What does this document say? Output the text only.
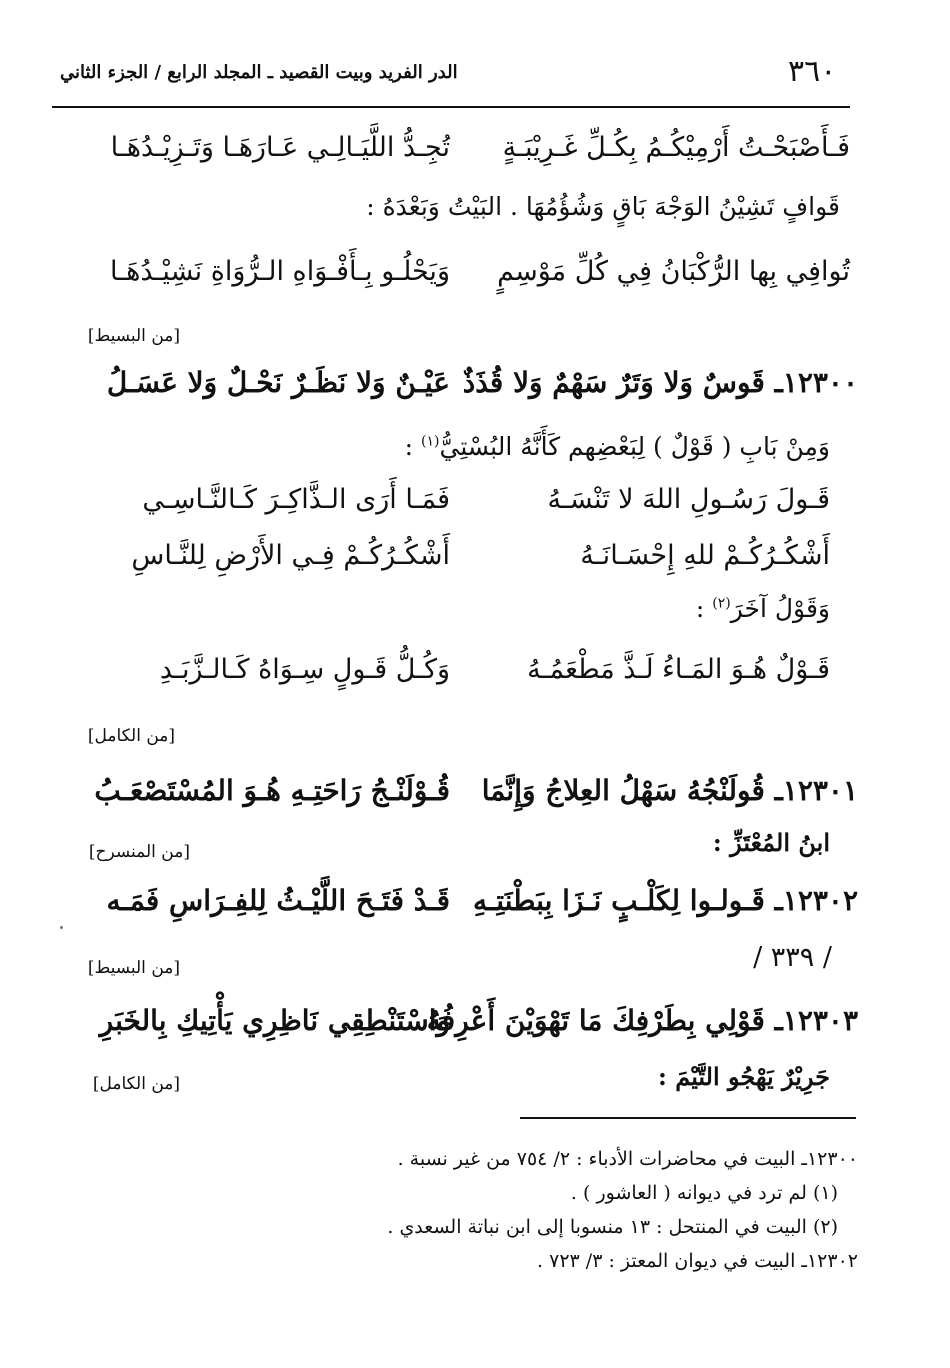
٣٦٠
الدر الفريد وبيت القصيد ـ المجلد الرابع / الجزء الثاني
فَـأَصْبَحْـتُ أَرْمِيْكُـمُ بِكُـلِّ غَـرِيْبَـةٍ
تُجِـدُّ اللَّيَـالِـي عَـارَهَـا وَتَـزِيْـدُهَـا
قَوافٍ تَشِيْنُ الوَجْهَ بَاقٍ وَشُؤُمُهَا . البَيْتُ وَبَعْدَهُ :
تُوافِي بِها الرُّكْبَانُ فِي كُلِّ مَوْسِمٍ
وَيَحْلُـو بِـأَفْـوَاهِ الـرُّوَاةِ نَشِيْـدُهَـا
[من البسيط]
١٢٣٠٠ـ قَوسٌ وَلا وَتَرٌ سَهْمٌ وَلا قُذَذٌ
عَيْـنٌ وَلا نَظَـرٌ نَحْـلٌ وَلا عَسَـلُ
وَمِنْ بَابِ ( قَوْلٌ ) لِبَعْضِهم كَأَنَّهُ البُسْتِيُّ$^{(١)}$ :
قَـولَ رَسُـولِ اللهَ لا تَنْسَـهُ
فَمَـا أَرَى الـذَّاكِـرَ كَـالنَّـاسِـي
أَشْكُـرُكُـمْ للهِ إِحْسَـانَـهُ
أَشْكُـرُكُـمْ فِـي الأَرْضِ لِلنَّـاسِ
وَقَوْلُ آخَرَ$^{(٢)}$ :
قَـوْلٌ هُـوَ المَـاءُ لَـذَّ مَطْعَمُـهُ
وَكُـلُّ قَـولٍ سِـوَاهُ كَـالـزَّبَـدِ
[من الكامل]
١٢٣٠١ـ قُولَنْجُهُ سَهْلُ العِلاجُ وَإِنَّمَا
قُـوْلَنْـجُ رَاحَتِـهِ هُـوَ المُسْتَصْعَـبُ
ابنُ المُعْتَزِّ :
[من المنسرح]
١٢٣٠٢ـ قَـولـوا لِكَلْـبٍ نَـزَا بِبَطْنَتِـهِ
قَـدْ فَتَـحَ اللَّيْـثُ لِلفِـرَاسِ فَمَـه
/ ٣٣٩ /
[من البسيط]
١٢٣٠٣ـ قَوْلِي بِطَرْفِكَ مَا تَهْوَيْنَ أَعْرِفُهُ
وَاسْتَنْطِقِي نَاظِرِي يَأْتِيكِ بِالخَبَرِ
جَرِيْرٌ يَهْجُو التَّيْمَ :
[من الكامل]
١٢٣٠٠ـ البيت في محاضرات الأدباء : ٢/ ٧٥٤ من غير نسبة .
(١) لم ترد في ديوانه ( العاشور ) .
(٢) البيت في المنتحل : ١٣ منسوبا إلى ابن نباتة السعدي .
١٢٣٠٢ـ البيت في ديوان المعتز : ٣/ ٧٢٣ .
